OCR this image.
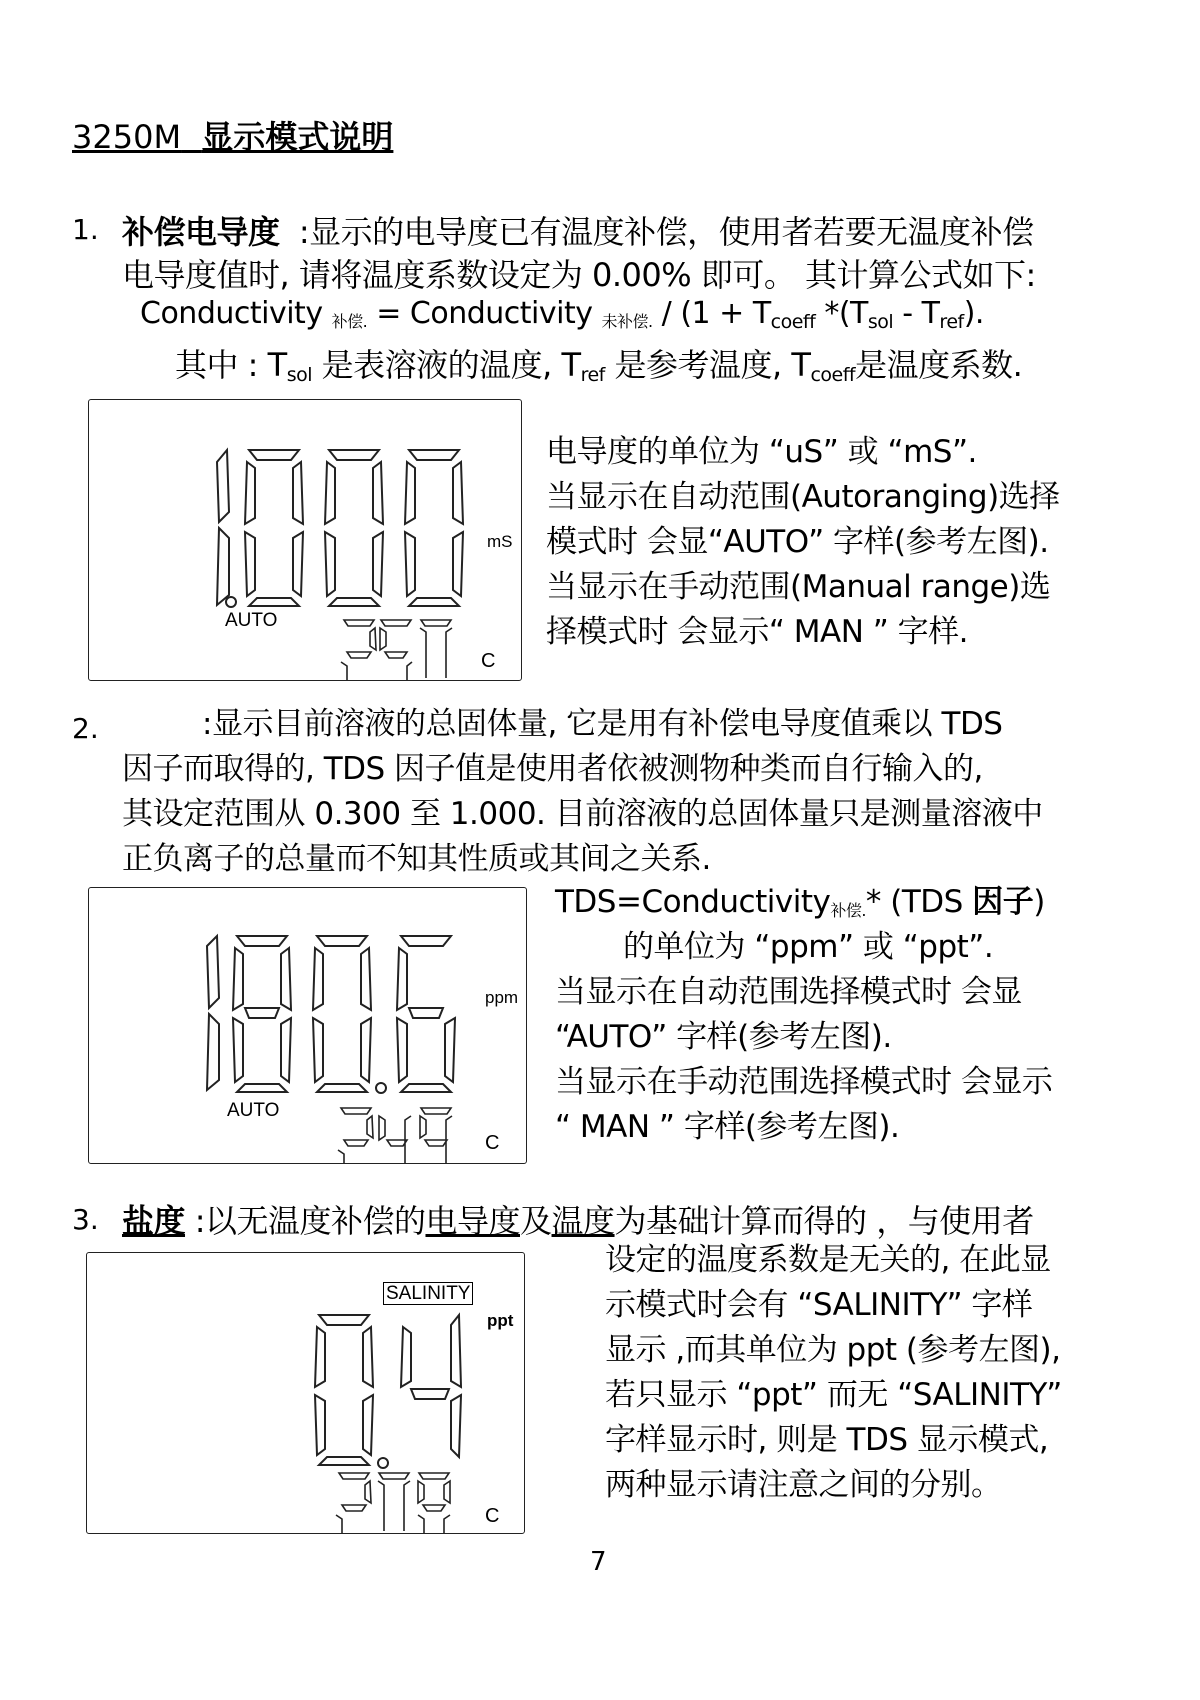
3250M 显示模式说明
1. 补偿电导度 :显示的电导度已有温度补偿，使用者若要无温度补偿
电导度值时, 请将温度系数设定为 0.00% 即可。 其计算公式如下:
Conductivity 补偿. = Conductivity 未补偿. / ($1 + T_{coeff}$ $*(T_{sol} - T_{ref})$.
其中 : $T_{sol}$ 是表溶液的温度, $T_{ref}$ 是参考温度, $T_{coeff}$是温度系数.
mS
AUTO
C
电导度的单位为 “uS” 或 “mS”.
当显示在自动范围(Autoranging)选择
模式时 会显“AUTO” 字样(参考左图).
当显示在手动范围(Manual range)选
择模式时 会显示“ MAN ” 字样.
2.	:显示目前溶液的总固体量, 它是用有补偿电导度值乘以 TDS
因子而取得的, TDS 因子值是使用者依被测物种类而自行输入的,
其设定范围从 0.300 至 1.000. 目前溶液的总固体量只是测量溶液中
正负离子的总量而不知其性质或其间之关系.
ppm
AUTO
C
TDS=Conductivity补偿.* (TDS 因子)
的单位为 “ppm” 或 “ppt”.
当显示在自动范围选择模式时 会显
“AUTO” 字样(参考左图).
当显示在手动范围选择模式时 会显示
“ MAN ” 字样(参考左图).
3. 盐度 :以无温度补偿的电导度及温度为基础计算而得的 ，与使用者
SALINITY
ppt
C
设定的温度系数是无关的, 在此显
示模式时会有 “SALINITY” 字样
显示 ,而其单位为 ppt (参考左图),
若只显示 “ppt” 而无 “SALINITY”
字样显示时, 则是 TDS 显示模式,
两种显示请注意之间的分别。
7
